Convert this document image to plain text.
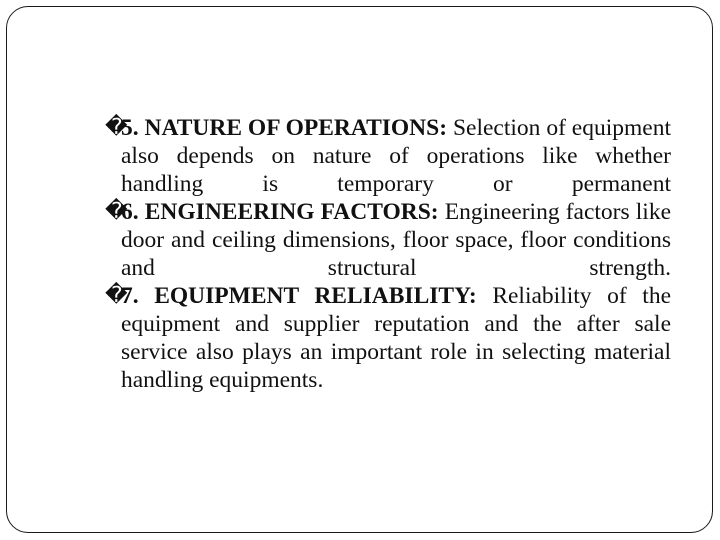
�
5. NATURE OF OPERATIONS: Selection of equipment also depends on nature of operations like whether handling is temporary or permanent
�
6. ENGINEERING FACTORS: Engineering factors like door and ceiling dimensions, floor space, floor conditions and structural strength.
�
7. EQUIPMENT RELIABILITY: Reliability of the equipment and supplier reputation and the after sale service also plays an important role in selecting material handling equipments.
